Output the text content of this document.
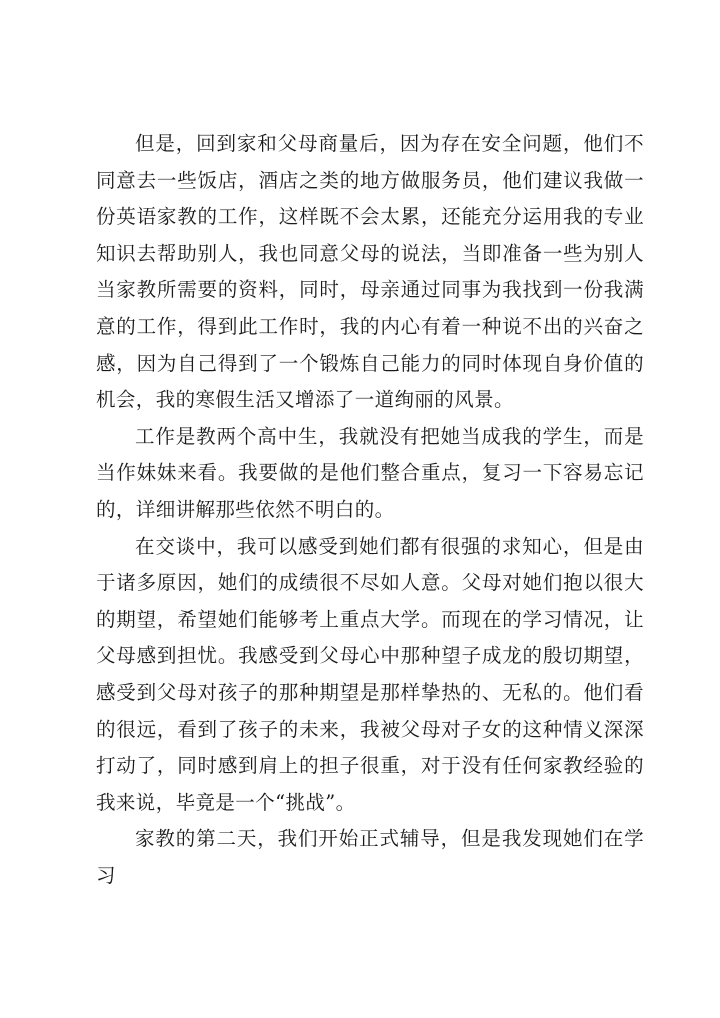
但是，回到家和父母商量后，因为存在安全问题，他们不同意去一些饭店，酒店之类的地方做服务员，他们建议我做一份英语家教的工作，这样既不会太累，还能充分运用我的专业知识去帮助别人，我也同意父母的说法，当即准备一些为别人当家教所需要的资料，同时，母亲通过同事为我找到一份我满意的工作，得到此工作时，我的内心有着一种说不出的兴奋之感，因为自己得到了一个锻炼自己能力的同时体现自身价值的机会，我的寒假生活又增添了一道绚丽的风景。

工作是教两个高中生，我就没有把她当成我的学生，而是当作妹妹来看。我要做的是他们整合重点，复习一下容易忘记的，详细讲解那些依然不明白的。

在交谈中，我可以感受到她们都有很强的求知心，但是由于诸多原因，她们的成绩很不尽如人意。父母对她们抱以很大的期望，希望她们能够考上重点大学。而现在的学习情况，让父母感到担忧。我感受到父母心中那种望子成龙的殷切期望，感受到父母对孩子的那种期望是那样挚热的、无私的。他们看的很远，看到了孩子的未来，我被父母对子女的这种情义深深打动了，同时感到肩上的担子很重，对于没有任何家教经验的我来说，毕竟是一个“挑战”。

家教的第二天，我们开始正式辅导，但是我发现她们在学习
